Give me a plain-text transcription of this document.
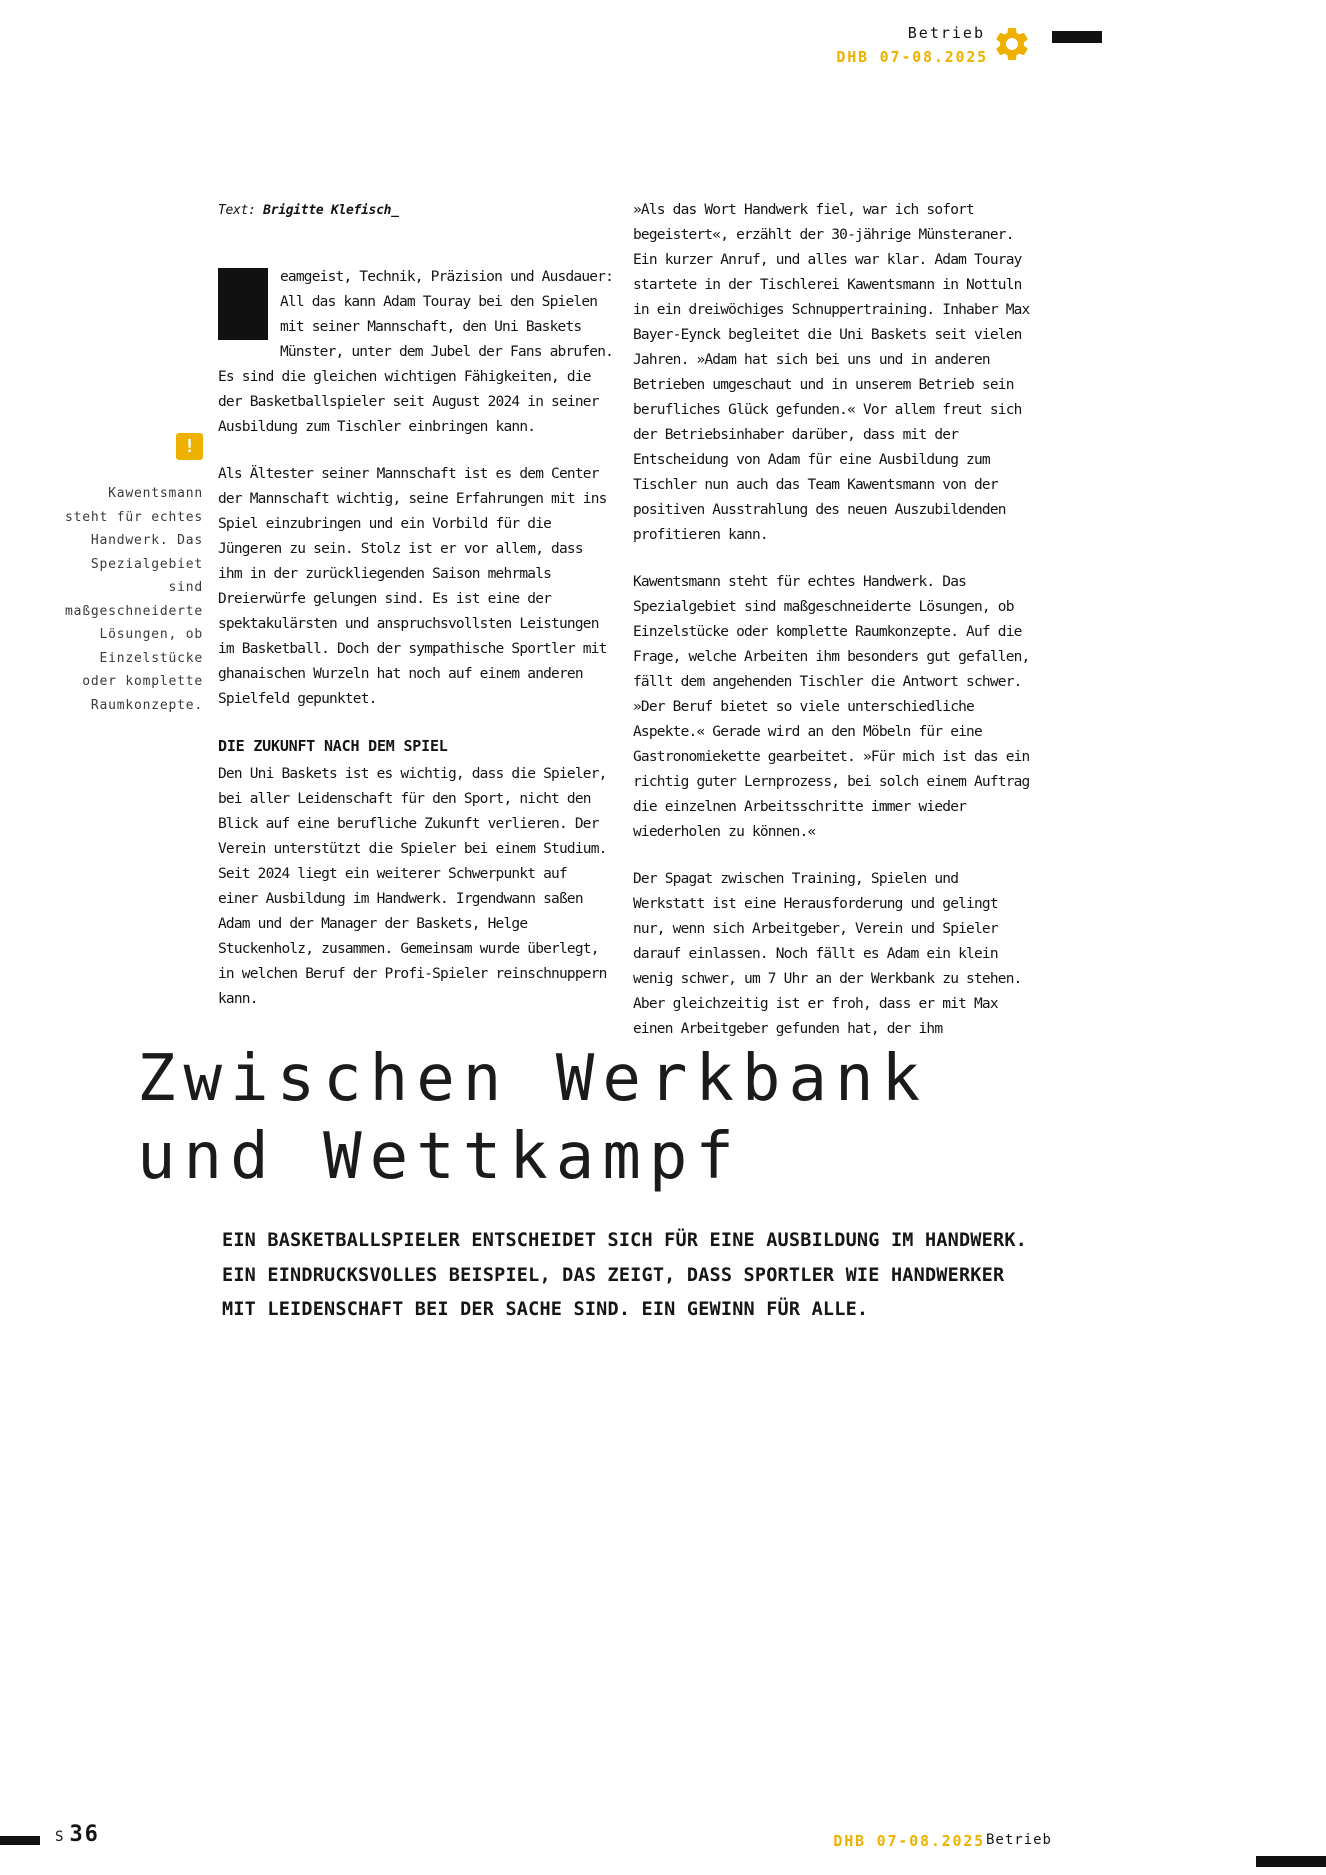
Betrieb
DHB 07-08.2025
!
Kawentsmann steht für echtes Handwerk. Das Spezialgebiet sind maßgeschneiderte Lösungen, ob Einzelstücke oder komplette Raumkonzepte.
Text: Brigitte Klefisch_

eamgeist, Technik, Präzision und Ausdauer: All das kann Adam Touray bei den Spielen mit seiner Mannschaft, den Uni Baskets Münster, unter dem Jubel der Fans abrufen. Es sind die gleichen wichtigen Fähigkeiten, die der Basketballspieler seit August 2024 in seiner Ausbildung zum Tischler einbringen kann.

Als Ältester seiner Mannschaft ist es dem Center der Mannschaft wichtig, seine Erfahrungen mit ins Spiel einzubringen und ein Vorbild für die Jüngeren zu sein. Stolz ist er vor allem, dass ihm in der zurückliegenden Saison mehrmals Dreierwürfe gelungen sind. Es ist eine der spektakulärsten und anspruchsvollsten Leistungen im Basketball. Doch der sympathische Sportler mit ghanaischen Wurzeln hat noch auf einem anderen Spielfeld gepunktet.

DIE ZUKUNFT NACH DEM SPIEL

Den Uni Baskets ist es wichtig, dass die Spieler, bei aller Leidenschaft für den Sport, nicht den Blick auf eine berufliche Zukunft verlieren. Der Verein unterstützt die Spieler bei einem Studium. Seit 2024 liegt ein weiterer Schwerpunkt auf einer Ausbildung im Handwerk. Irgendwann saßen Adam und der Manager der Baskets, Helge Stuckenholz, zusammen. Gemeinsam wurde überlegt, in welchen Beruf der Profi-Spieler reinschnuppern kann.

»Als das Wort Handwerk fiel, war ich sofort begeistert«, erzählt der 30-jährige Münsteraner. Ein kurzer Anruf, und alles war klar. Adam Touray startete in der Tischlerei Kawentsmann in Nottuln in ein dreiwöchiges Schnuppertraining. Inhaber Max Bayer-Eynck begleitet die Uni Baskets seit vielen Jahren. »Adam hat sich bei uns und in anderen Betrieben umgeschaut und in unserem Betrieb sein berufliches Glück gefunden.« Vor allem freut sich der Betriebsinhaber darüber, dass mit der Entscheidung von Adam für eine Ausbildung zum Tischler nun auch das Team Kawentsmann von der positiven Ausstrahlung des neuen Auszubildenden profitieren kann.

Kawentsmann steht für echtes Handwerk. Das Spezialgebiet sind maßgeschneiderte Lösungen, ob Einzelstücke oder komplette Raumkonzepte. Auf die Frage, welche Arbeiten ihm besonders gut gefallen, fällt dem angehenden Tischler die Antwort schwer. »Der Beruf bietet so viele unterschiedliche Aspekte.« Gerade wird an den Möbeln für eine Gastronomiekette gearbeitet. »Für mich ist das ein richtig guter Lernprozess, bei solch einem Auftrag die einzelnen Arbeitsschritte immer wieder wiederholen zu können.«

Der Spagat zwischen Training, Spielen und Werkstatt ist eine Herausforderung und gelingt nur, wenn sich Arbeitgeber, Verein und Spieler darauf einlassen. Noch fällt es Adam ein klein wenig schwer, um 7 Uhr an der Werkbank zu stehen. Aber gleichzeitig ist er froh, dass er mit Max einen Arbeitgeber gefunden hat, der ihm

Zwischen Werkbank
und Wettkampf
EIN BASKETBALLSPIELER ENTSCHEIDET SICH FÜR EINE AUSBILDUNG IM HANDWERK. EIN EINDRUCKSVOLLES BEISPIEL, DAS ZEIGT, DASS SPORTLER WIE HANDWERKER MIT LEIDENSCHAFT BEI DER SACHE SIND. EIN GEWINN FÜR ALLE.
S 36	DHB 07-08.2025 Betrieb
